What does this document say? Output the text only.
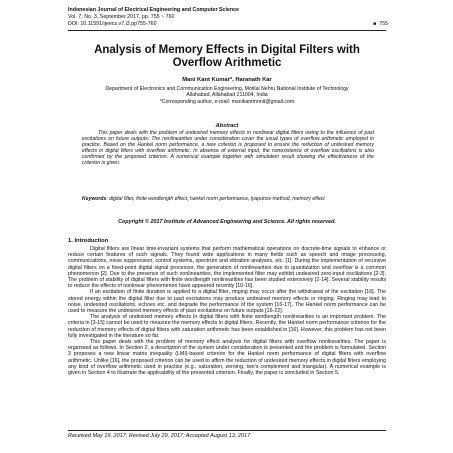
Indonesian Journal of Electrical Engineering and Computer Science
Vol. 7, No. 3, September 2017, pp. 755 ~ 760
DOI: 10.11591/ijeecs.v7.i3.pp755-760	■ 755
Analysis of Memory Effects in Digital Filters with Overflow Arithmetic
Mani Kant Kumar*, Haranath Kar
Department of Electronics and Communication Engineering, Motilal Nehru National Institute of Technology
Allahabad, Allahabad 211004, India
*Corresponding author, e-mail: manikantmnnit@gmail.com
Abstract
This paper deals with the problem of undesired memory effects in nonlinear digital filters owing to the influence of past excitations on future outputs. The nonlinearities under consideration cover the usual types of overflow arithmetic employed in practice. Based on the Hankel norm performance, a new criterion is proposed to ensure the reduction of undesired memory effects in digital filters with overflow arithmetic. In absence of external input, the nonexistence of overflow oscillations is also confirmed by the proposed criterion. A numerical example together with simulation result showing the effectiveness of the criterion is given.
Keywords: digital filter, finite wordlength effect, hankel norm performance, lyapunov method, memory effect
Copyright © 2017 Institute of Advanced Engineering and Science. All rights reserved.
1. Introduction

Digital filters are linear time-invariant systems that perform mathematical operations on discrete-time signals to enhance or reduce certain features of such signals. They found wide applications in many fields such as speech and image processing, communications, noise suppression, control systems, spectrum and vibration analyses, etc. [1]. During the implementation of recursive digital filters on a fixed-point digital signal processor, the generation of nonlinearities due to quantization and overflow is a common phenomenon [2]. Due to the presence of such nonlinearities, the implemented filter may exhibit undesired zero-input oscillations [2-3]. The problem of stability of digital filters with finite wordlength nonlinearities has been studied extensively [2-14]. Several stability results to reduce the effects of nonlinear phenomenon have appeared recently [10-16].

If an excitation of finite duration is applied to a digital filter, ringing may occur after the withdrawal of the excitation [16]. The stored energy within the digital filter due to past excitations may produce undesired memory effects or ringing. Ringing may lead to noise, undesired oscillations, echoes etc. and degrade the performance of the system [16-17]. The Hankel norm performance can be used to measure the undesired memory effects of past excitations on future outputs [16-22].

The analysis of undesired memory effects in digital filters with finite wordlength nonlinearities is an important problem. The criteria in [3-15] cannot be used to measure the memory effects in digital filters. Recently, the Hankel norm performance criterion for the reduction of memory effects of digital filters with saturation arithmetic has been established in [16]. However, this problem has not been fully investigated in the literature so far.

This paper deals with the problem of memory effect analysis for digital filters with overflow nonlinearities. The paper is organised as follows. In Section 2, a description of the system under consideration is presented and the problem is formulated. Section 3 proposes a new linear matrix inequality (LMI)-based criterion for the Hankel norm performance of digital filters with overflow arithmetic. Unlike [16], the proposed criterion can be used to affirm the reduction of undesired memory effects in digital filters employing any kind of overflow arithmetic used in practice (e.g., saturation, zeroing, two's complement and triangular). A numerical example is given in Section 4 to illustrate the applicability of the presented criterion. Finally, the paper is concluded in Section 5.

Received May 19, 2017; Revised July 29, 2017; Accepted August 13, 2017
